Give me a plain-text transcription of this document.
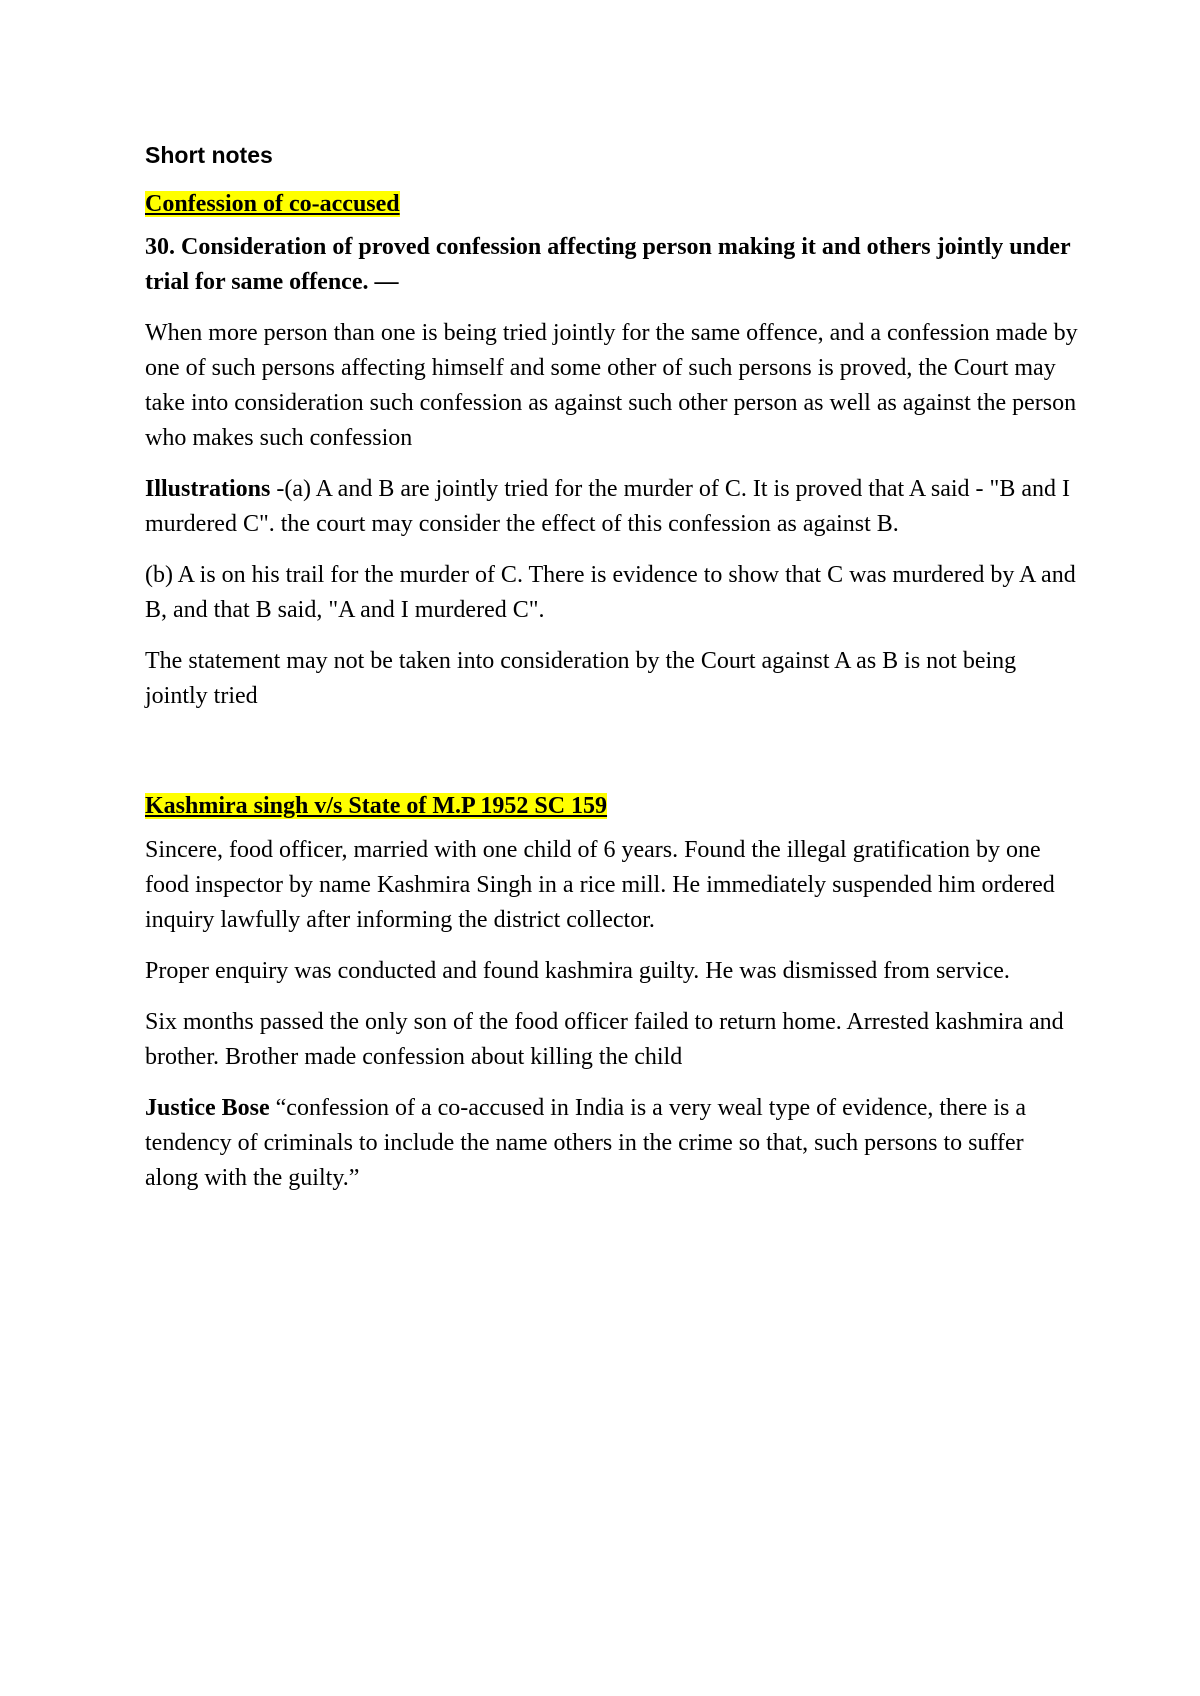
Short notes
Confession of co-accused

30. Consideration of proved confession affecting person making it and others jointly under trial for same offence. —

When more person than one is being tried jointly for the same offence, and a confession made by one of such persons affecting himself and some other of such persons is proved, the Court may take into consideration such confession as against such other person as well as against the person who makes such confession

Illustrations -(a) A and B are jointly tried for the murder of C. It is proved that A said - "B and I murdered C". the court may consider the effect of this confession as against B.

(b) A is on his trail for the murder of C. There is evidence to show that C was murdered by A and B, and that B said, "A and I murdered C".

The statement may not be taken into consideration by the Court against A as B is not being jointly tried

Kashmira singh v/s State of M.P 1952 SC 159

Sincere, food officer, married with one child of 6 years. Found the illegal gratification by one food inspector by name Kashmira Singh in a rice mill. He immediately suspended him ordered inquiry lawfully after informing the district collector.

Proper enquiry was conducted and found kashmira guilty. He was dismissed from service.

Six months passed the only son of the food officer failed to return home. Arrested kashmira and brother. Brother made confession about killing the child

Justice Bose “confession of a co-accused in India is a very weal type of evidence, there is a tendency of criminals to include the name others in the crime so that, such persons to suffer along with the guilty.”
